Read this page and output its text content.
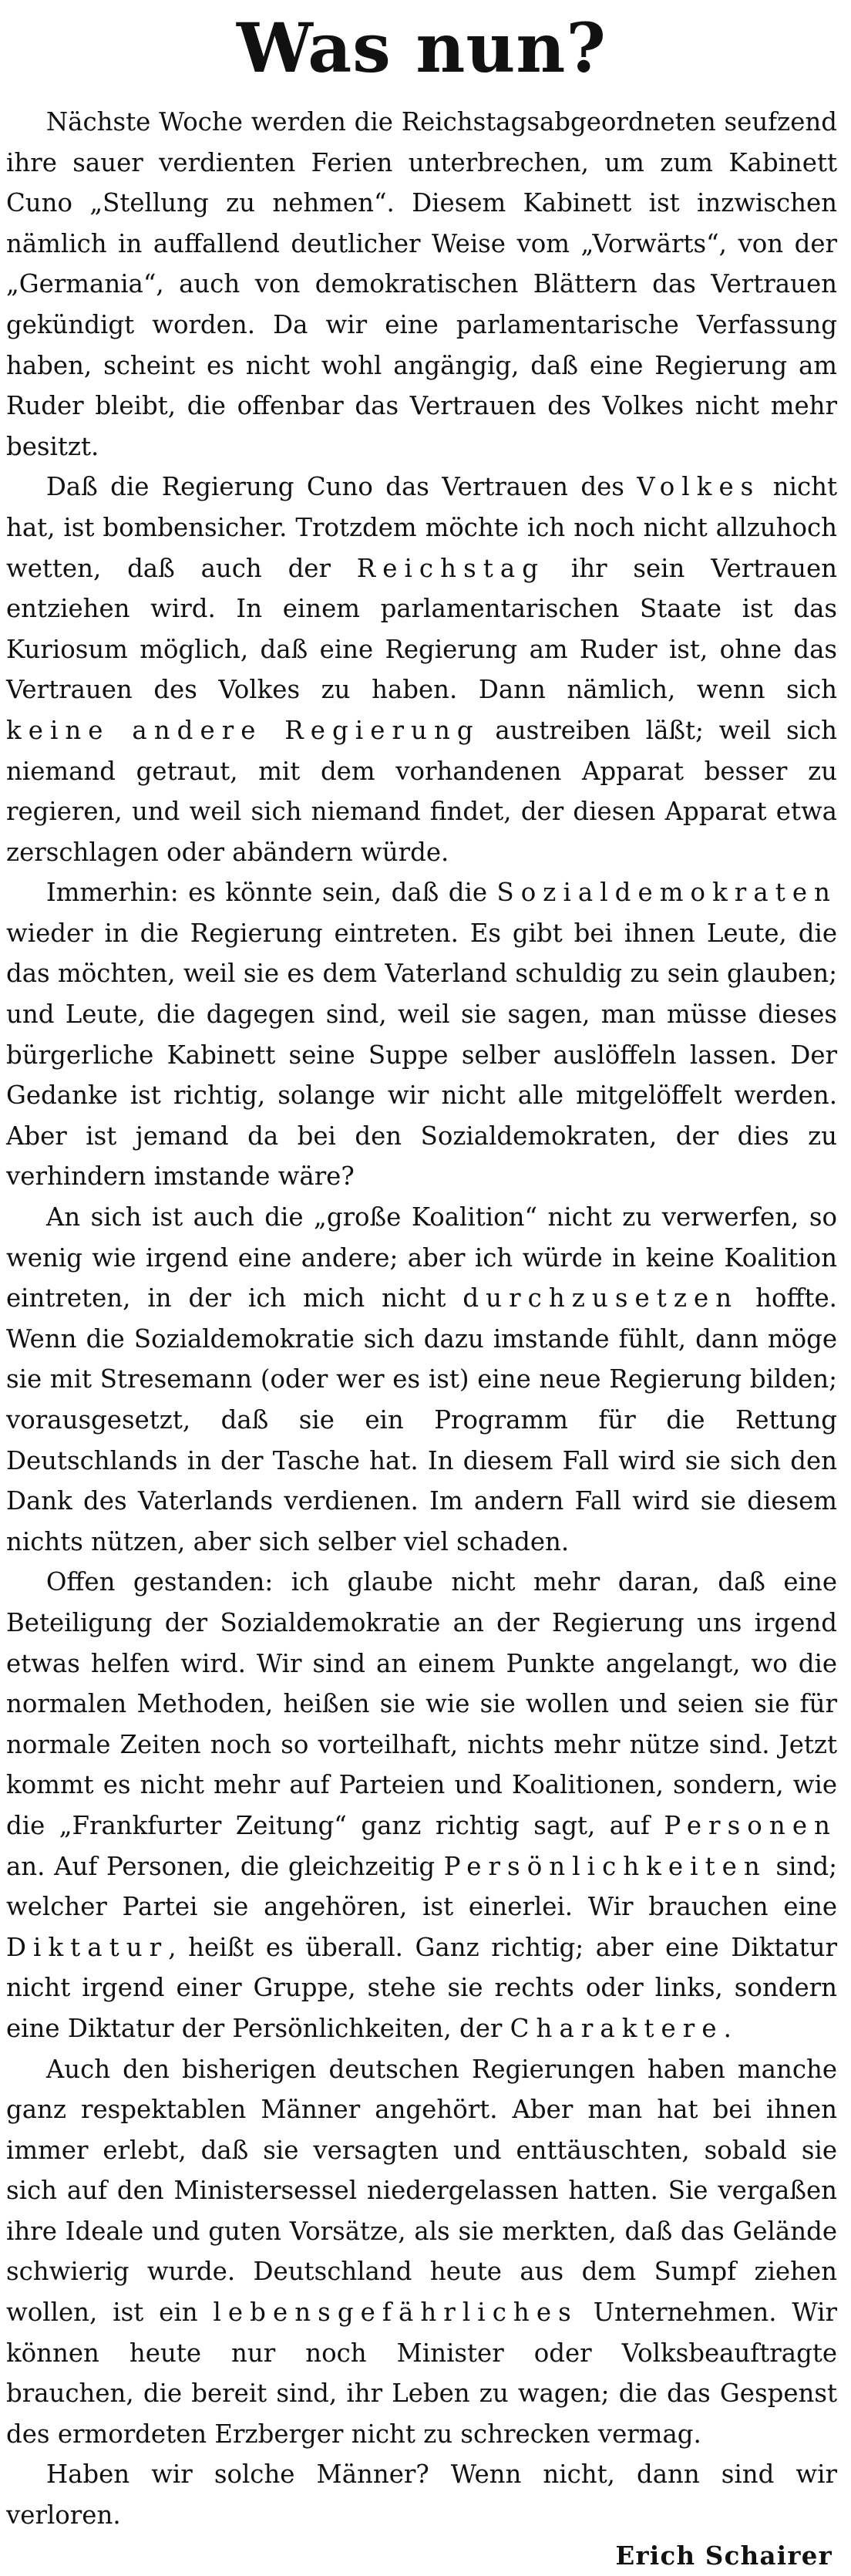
Was nun?

Nächste Woche werden die Reichstagsabgeordneten seufzend ihre sauer verdienten Ferien unterbrechen, um zum Kabinett Cuno „Stellung zu nehmen“. Diesem Kabinett ist inzwischen nämlich in auffallend deutlicher Weise vom „Vorwärts“, von der „Germania“, auch von demokratischen Blättern das Vertrauen gekündigt worden. Da wir eine parlamentarische Verfassung haben, scheint es nicht wohl angängig, daß eine Regierung am Ruder bleibt, die offenbar das Vertrauen des Volkes nicht mehr besitzt.

Daß die Regierung Cuno das Vertrauen des Volkes nicht hat, ist bombensicher. Trotzdem möchte ich noch nicht allzuhoch wetten, daß auch der Reichstag ihr sein Vertrauen entziehen wird. In einem parlamentarischen Staate ist das Kuriosum möglich, daß eine Regierung am Ruder ist, ohne das Vertrauen des Volkes zu haben. Dann nämlich, wenn sich keine andere Regierung austreiben läßt; weil sich niemand getraut, mit dem vorhandenen Apparat besser zu regieren, und weil sich niemand findet, der diesen Apparat etwa zerschlagen oder abändern würde.

Immerhin: es könnte sein, daß die Sozialdemokraten wieder in die Regierung eintreten. Es gibt bei ihnen Leute, die das möchten, weil sie es dem Vaterland schuldig zu sein glauben; und Leute, die dagegen sind, weil sie sagen, man müsse dieses bürgerliche Kabinett seine Suppe selber auslöffeln lassen. Der Gedanke ist richtig, solange wir nicht alle mitgelöffelt werden. Aber ist jemand da bei den Sozialdemokraten, der dies zu verhindern imstande wäre?

An sich ist auch die „große Koalition“ nicht zu verwerfen, so wenig wie irgend eine andere; aber ich würde in keine Koalition eintreten, in der ich mich nicht durchzusetzen hoffte. Wenn die Sozialdemokratie sich dazu imstande fühlt, dann möge sie mit Stresemann (oder wer es ist) eine neue Regierung bilden; vorausgesetzt, daß sie ein Programm für die Rettung Deutschlands in der Tasche hat. In diesem Fall wird sie sich den Dank des Vaterlands verdienen. Im andern Fall wird sie diesem nichts nützen, aber sich selber viel schaden.

Offen gestanden: ich glaube nicht mehr daran, daß eine Beteiligung der Sozialdemokratie an der Regierung uns irgend etwas helfen wird. Wir sind an einem Punkte angelangt, wo die normalen Methoden, heißen sie wie sie wollen und seien sie für normale Zeiten noch so vorteilhaft, nichts mehr nütze sind. Jetzt kommt es nicht mehr auf Parteien und Koalitionen, sondern, wie die „Frankfurter Zeitung“ ganz richtig sagt, auf Personen an. Auf Personen, die gleichzeitig Persönlichkeiten sind; welcher Partei sie angehören, ist einerlei. Wir brauchen eine Diktatur, heißt es überall. Ganz richtig; aber eine Diktatur nicht irgend einer Gruppe, stehe sie rechts oder links, sondern eine Diktatur der Persönlichkeiten, der Charaktere.

Auch den bisherigen deutschen Regierungen haben manche ganz respektablen Männer angehört. Aber man hat bei ihnen immer erlebt, daß sie versagten und enttäuschten, sobald sie sich auf den Ministersessel niedergelassen hatten. Sie vergaßen ihre Ideale und guten Vorsätze, als sie merkten, daß das Gelände schwierig wurde. Deutschland heute aus dem Sumpf ziehen wollen, ist ein lebensgefährliches Unternehmen. Wir können heute nur noch Minister oder Volksbeauftragte brauchen, die bereit sind, ihr Leben zu wagen; die das Gespenst des ermordeten Erzberger nicht zu schrecken vermag.

Haben wir solche Männer? Wenn nicht, dann sind wir verloren.

Erich Schairer
